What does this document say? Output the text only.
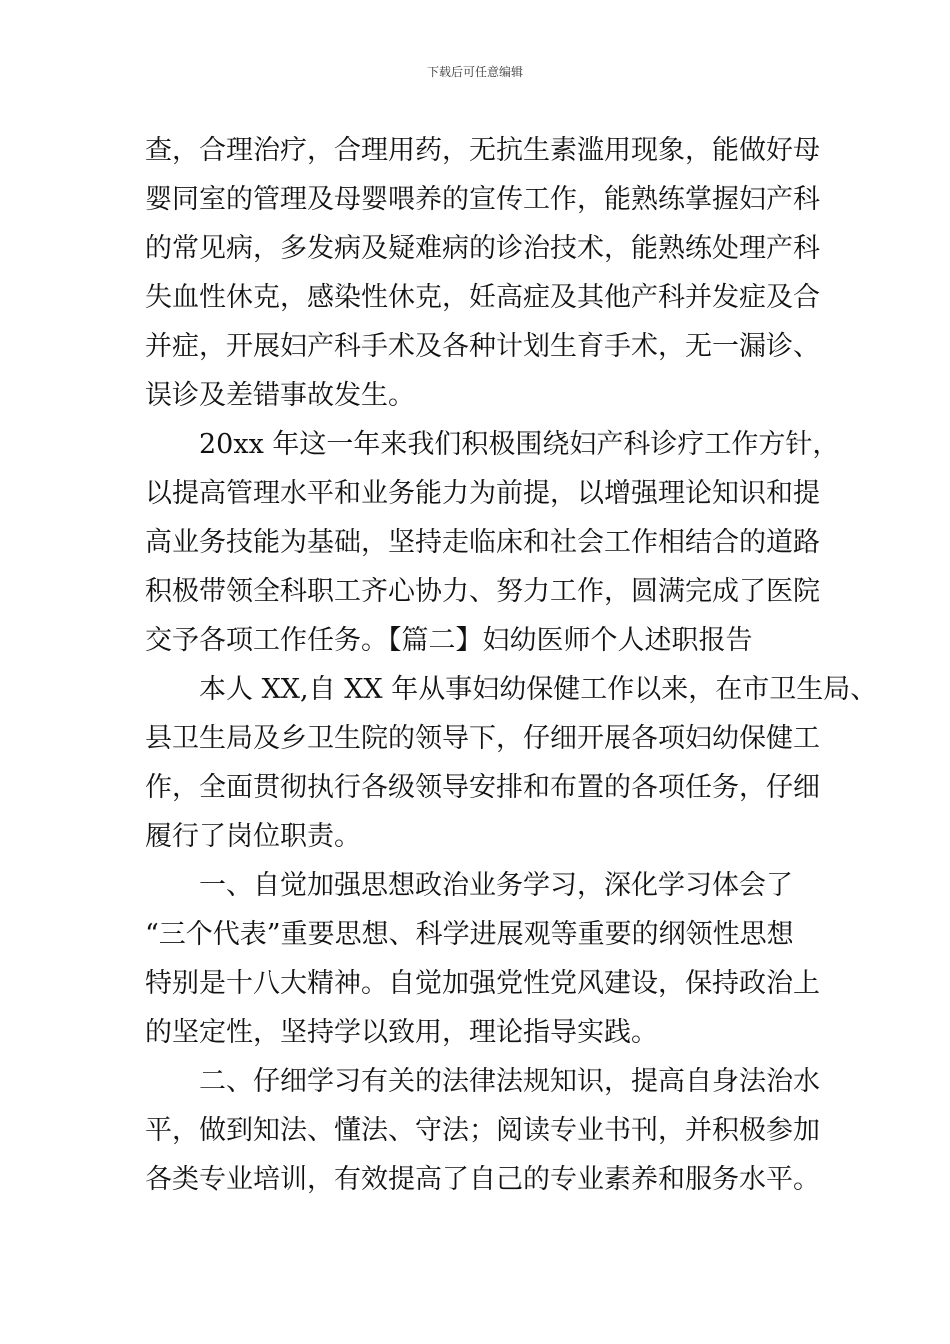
下载后可任意编辑
查，合理治疗，合理用药，无抗生素滥用现象，能做好母
婴同室的管理及母婴喂养的宣传工作，能熟练掌握妇产科
的常见病，多发病及疑难病的诊治技术，能熟练处理产科
失血性休克，感染性休克，妊高症及其他产科并发症及合
并症，开展妇产科手术及各种计划生育手术，无一漏诊、
误诊及差错事故发生。
20xx 年这一年来我们积极围绕妇产科诊疗工作方针，
以提高管理水平和业务能力为前提，以增强理论知识和提
高业务技能为基础，坚持走临床和社会工作相结合的道路
积极带领全科职工齐心协力、努力工作，圆满完成了医院
交予各项工作任务。【篇二】妇幼医师个人述职报告
本人 XX,自 XX 年从事妇幼保健工作以来，在市卫生局、
县卫生局及乡卫生院的领导下，仔细开展各项妇幼保健工
作，全面贯彻执行各级领导安排和布置的各项任务，仔细
履行了岗位职责。
一、自觉加强思想政治业务学习，深化学习体会了
“三个代表”重要思想、科学进展观等重要的纲领性思想
特别是十八大精神。自觉加强党性党风建设，保持政治上
的坚定性，坚持学以致用，理论指导实践。
二、仔细学习有关的法律法规知识，提高自身法治水
平，做到知法、懂法、守法；阅读专业书刊，并积极参加
各类专业培训，有效提高了自己的专业素养和服务水平。
